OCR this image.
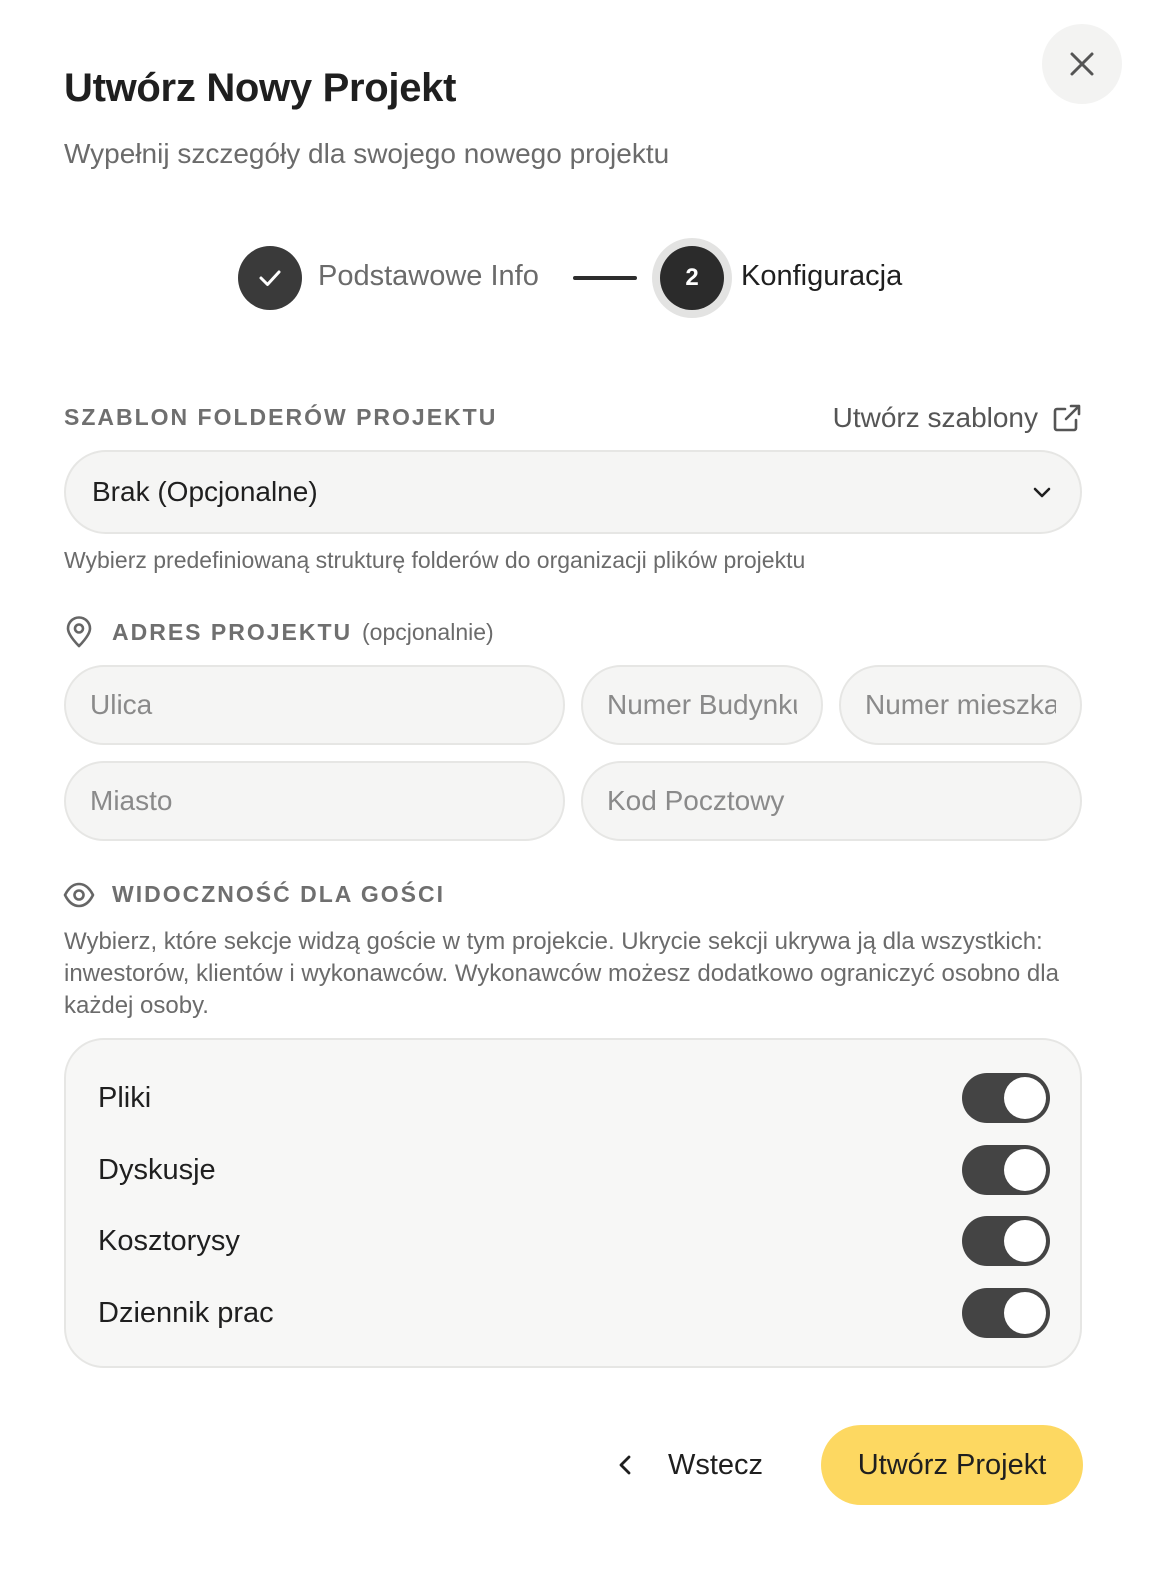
Utwórz Nowy Projekt

Wypełnij szczegóły dla swojego nowego projektu

Podstawowe Info	2	Konfiguracja
SZABLON FOLDERÓW PROJEKTU	Utwórz szablony
Brak (Opcjonalne)
Wybierz predefiniowaną strukturę folderów do organizacji plików projektu
ADRES PROJEKTU (opcjonalnie)
Ulica
Numer Budynku
Numer mieszkania
Miasto
Kod Pocztowy
WIDOCZNOŚĆ DLA GOŚCI

Wybierz, które sekcje widzą goście w tym projekcie. Ukrycie sekcji ukrywa ją dla wszystkich: inwestorów, klientów i wykonawców. Wykonawców możesz dodatkowo ograniczyć osobno dla każdej osoby.

Pliki
Dyskusje
Kosztorysy
Dziennik prac
Wstecz	Utwórz Projekt
